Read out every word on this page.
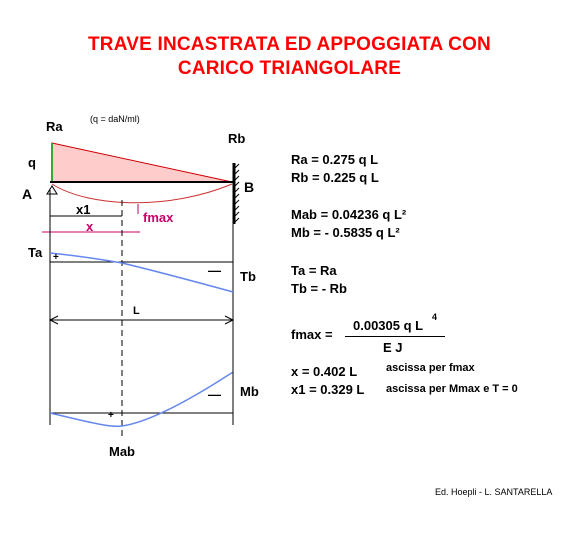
TRAVE INCASTRATA ED APPOGGIATA CON
CARICO TRIANGOLARE
Ra	(q = daN/ml)
Rb
q
A	B
x1
x
fmax
Ta +
— Tb
L
Mb
—
+
Mab
Ra = 0.275 q L
Rb = 0.225 q L
Mab = 0.04236 q L²
Mb = - 0.5835 q L²
Ta = Ra
Tb = - Rb
fmax =
0.00305 q L
4
E J
x = 0.402 L	ascissa per fmax
x1 = 0.329 L ascissa per Mmax e T = 0
Ed. Hoepli - L. SANTARELLA
